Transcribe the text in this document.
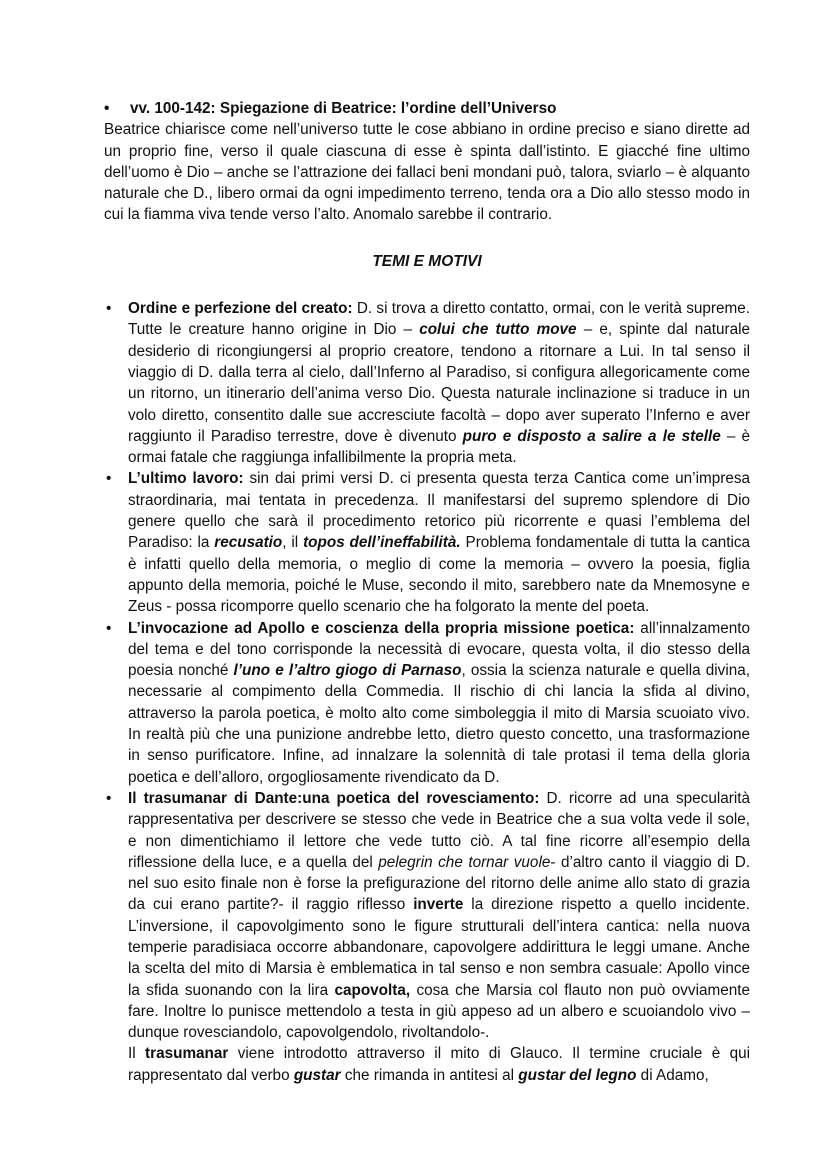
• vv. 100-142: Spiegazione di Beatrice: l’ordine dell’Universo
Beatrice chiarisce come nell’universo tutte le cose abbiano in ordine preciso e siano dirette ad un proprio fine, verso il quale ciascuna di esse è spinta dall’istinto. E giacché fine ultimo dell’uomo è Dio – anche se l’attrazione dei fallaci beni mondani può, talora, sviarlo – è alquanto naturale che D., libero ormai da ogni impedimento terreno, tenda ora a Dio allo stesso modo in cui la fiamma viva tende verso l’alto. Anomalo sarebbe il contrario.
TEMI E MOTIVI
• Ordine e perfezione del creato: D. si trova a diretto contatto, ormai, con le verità supreme. Tutte le creature hanno origine in Dio – colui che tutto move – e, spinte dal naturale desiderio di ricongiungersi al proprio creatore, tendono a ritornare a Lui. In tal senso il viaggio di D. dalla terra al cielo, dall’Inferno al Paradiso, si configura allegoricamente come un ritorno, un itinerario dell’anima verso Dio. Questa naturale inclinazione si traduce in un volo diretto, consentito dalle sue accresciute facoltà – dopo aver superato l’Inferno e aver raggiunto il Paradiso terrestre, dove è divenuto puro e disposto a salire a le stelle – è ormai fatale che raggiunga infallibilmente la propria meta.
• L’ultimo lavoro: sin dai primi versi D. ci presenta questa terza Cantica come un’impresa straordinaria, mai tentata in precedenza. Il manifestarsi del supremo splendore di Dio genere quello che sarà il procedimento retorico più ricorrente e quasi l’emblema del Paradiso: la recusatio, il topos dell’ineffabilità. Problema fondamentale di tutta la cantica è infatti quello della memoria, o meglio di come la memoria – ovvero la poesia, figlia appunto della memoria, poiché le Muse, secondo il mito, sarebbero nate da Mnemosyne e Zeus - possa ricomporre quello scenario che ha folgorato la mente del poeta.
• L’invocazione ad Apollo e coscienza della propria missione poetica: all’innalzamento del tema e del tono corrisponde la necessità di evocare, questa volta, il dio stesso della poesia nonché l’uno e l’altro giogo di Parnaso, ossia la scienza naturale e quella divina, necessarie al compimento della Commedia. Il rischio di chi lancia la sfida al divino, attraverso la parola poetica, è molto alto come simboleggia il mito di Marsia scuoiato vivo. In realtà più che una punizione andrebbe letto, dietro questo concetto, una trasformazione in senso purificatore. Infine, ad innalzare la solennità di tale protasi il tema della gloria poetica e dell’alloro, orgogliosamente rivendicato da D.
• Il trasumanar di Dante:una poetica del rovesciamento: D. ricorre ad una specularità rappresentativa per descrivere se stesso che vede in Beatrice che a sua volta vede il sole, e non dimentichiamo il lettore che vede tutto ciò. A tal fine ricorre all’esempio della riflessione della luce, e a quella del pelegrin che tornar vuole- d’altro canto il viaggio di D. nel suo esito finale non è forse la prefigurazione del ritorno delle anime allo stato di grazia da cui erano partite?- il raggio riflesso inverte la direzione rispetto a quello incidente. L’inversione, il capovolgimento sono le figure strutturali dell’intera cantica: nella nuova temperie paradisiaca occorre abbandonare, capovolgere addirittura le leggi umane. Anche la scelta del mito di Marsia è emblematica in tal senso e non sembra casuale: Apollo vince la sfida suonando con la lira capovolta, cosa che Marsia col flauto non può ovviamente fare. Inoltre lo punisce mettendolo a testa in giù appeso ad un albero e scuoiandolo vivo – dunque rovesciandolo, capovolgendolo, rivoltandolo-.
Il trasumanar viene introdotto attraverso il mito di Glauco. Il termine cruciale è qui rappresentato dal verbo gustar che rimanda in antitesi al gustar del legno di Adamo,
